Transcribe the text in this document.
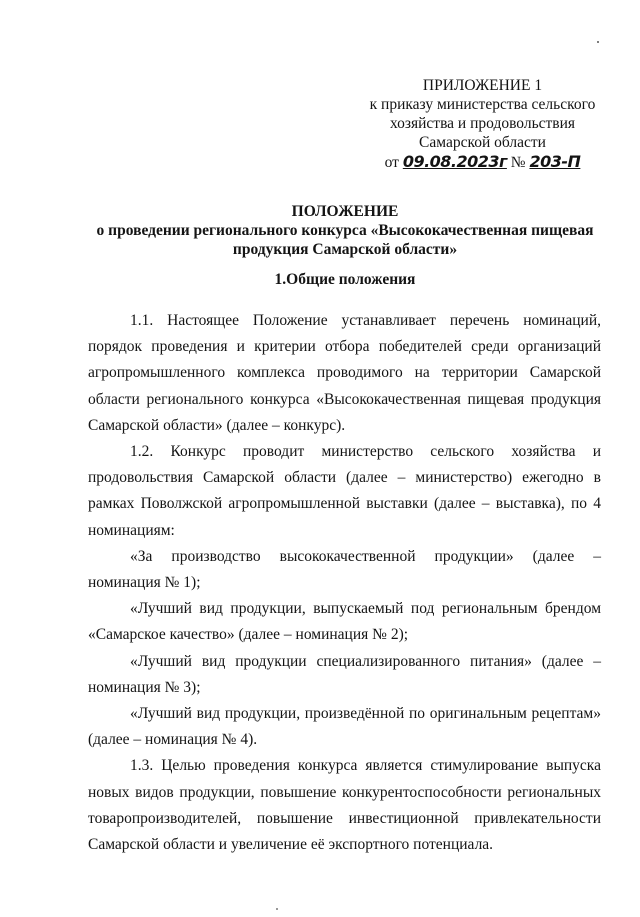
ПРИЛОЖЕНИЕ 1
к приказу министерства сельского
хозяйства и продовольствия
Самарской области
от 09.08.2023г № 203-П
ПОЛОЖЕНИЕ
о проведении регионального конкурса «Высококачественная пищевая
продукция Самарской области»
1.Общие положения

1.1. Настоящее Положение устанавливает перечень номинаций, порядок проведения и критерии отбора победителей среди организаций агропромышленного комплекса проводимого на территории Самарской области регионального конкурса «Высококачественная пищевая продукция Самарской области» (далее – конкурс).

1.2. Конкурс проводит министерство сельского хозяйства и продовольствия Самарской области (далее – министерство) ежегодно в рамках Поволжской агропромышленной выставки (далее – выставка), по 4 номинациям:

«За производство высококачественной продукции» (далее – номинация № 1);

«Лучший вид продукции, выпускаемый под региональным брендом «Самарское качество» (далее – номинация № 2);

«Лучший вид продукции специализированного питания» (далее – номинация № 3);

«Лучший вид продукции, произведённой по оригинальным рецептам» (далее – номинация № 4).

1.3. Целью проведения конкурса является стимулирование выпуска новых видов продукции, повышение конкурентоспособности региональных товаропроизводителей, повышение инвестиционной привлекательности Самарской области и увеличение её экспортного потенциала.
